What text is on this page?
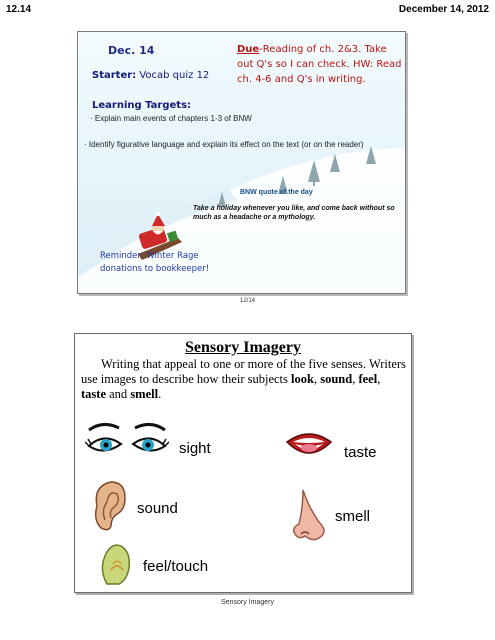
12.14	December 14, 2012
Dec. 14
Starter: Vocab quiz 12
Due-Reading of ch. 2&3. Take out Q's so I can check. HW: Read ch. 4-6 and Q's in writing.
Learning Targets:
· Explain main events of chapters 1-3 of BNW
· Identify figurative language and explain its effect on the text (or on the reader)
BNW quote of the day
Take a holiday whenever you like, and come back without so much as a headache or a mythology.
Reminder: Winter Rage donations to bookkeeper!
12/14
Sensory Imagery
Writing that appeal to one or more of the five senses. Writers use images to describe how their subjects look, sound, feel, taste and smell.
sight	taste
sound	smell
feel/touch
Sensory Imagery
